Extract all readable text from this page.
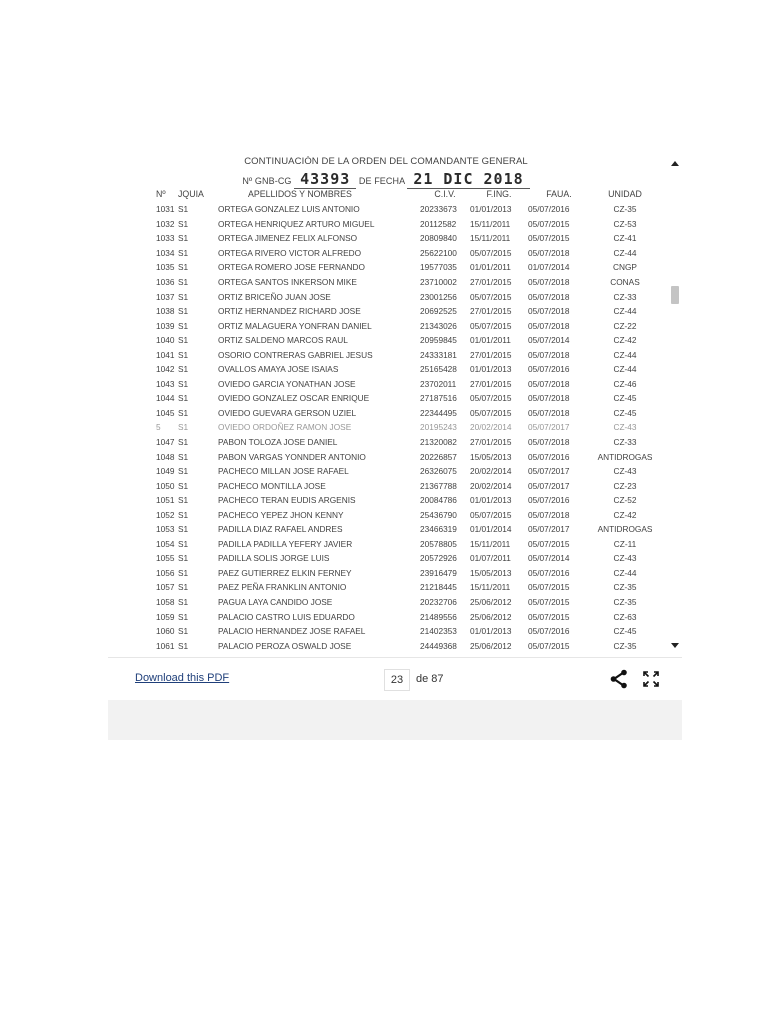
CONTINUACIÓN DE LA ORDEN DEL COMANDANTE GENERAL
Nº GNB-CG 43393 DE FECHA 21 DIC 2018
Nº	JQUIA	APELLIDOS Y NOMBRES	C.I.V.	F.ING.	FAUA.	UNIDAD
1031 S1	ORTEGA GONZALEZ LUIS ANTONIO	20233673	01/01/2013	05/07/2016	CZ-35
1032 S1	ORTEGA HENRIQUEZ ARTURO MIGUEL	20112582	15/11/2011	05/07/2015	CZ-53
1033 S1	ORTEGA JIMENEZ FELIX ALFONSO	20809840	15/11/2011	05/07/2015	CZ-41
1034 S1	ORTEGA RIVERO VICTOR ALFREDO	25622100	05/07/2015	05/07/2018	CZ-44
1035 S1	ORTEGA ROMERO JOSE FERNANDO	19577035	01/01/2011	01/07/2014	CNGP
1036 S1	ORTEGA SANTOS INKERSON MIKE	23710002	27/01/2015	05/07/2018	CONAS
1037 S1	ORTIZ BRICEÑO JUAN JOSE	23001256	05/07/2015	05/07/2018	CZ-33
1038 S1	ORTIZ HERNANDEZ RICHARD JOSE	20692525	27/01/2015	05/07/2018	CZ-44
1039 S1	ORTIZ MALAGUERA YONFRAN DANIEL	21343026	05/07/2015	05/07/2018	CZ-22
1040 S1	ORTIZ SALDENO MARCOS RAUL	20959845	01/01/2011	05/07/2014	CZ-42
1041 S1	OSORIO CONTRERAS GABRIEL JESUS	24333181	27/01/2015	05/07/2018	CZ-44
1042 S1	OVALLOS AMAYA JOSE ISAIAS	25165428	01/01/2013	05/07/2016	CZ-44
1043 S1	OVIEDO GARCIA YONATHAN JOSE	23702011	27/01/2015	05/07/2018	CZ-46
1044 S1	OVIEDO GONZALEZ OSCAR ENRIQUE	27187516	05/07/2015	05/07/2018	CZ-45
1045 S1	OVIEDO GUEVARA GERSON UZIEL	22344495	05/07/2015	05/07/2018	CZ-45
5	S1	OVIEDO ORDOÑEZ RAMON JOSE	20195243	20/02/2014	05/07/2017	CZ-43
1047 S1	PABON TOLOZA JOSE DANIEL	21320082	27/01/2015	05/07/2018	CZ-33
1048 S1	PABON VARGAS YONNDER ANTONIO	20226857	15/05/2013	05/07/2016	ANTIDROGAS
1049 S1	PACHECO MILLAN JOSE RAFAEL	26326075	20/02/2014	05/07/2017	CZ-43
1050 S1	PACHECO MONTILLA JOSE	21367788	20/02/2014	05/07/2017	CZ-23
1051 S1	PACHECO TERAN EUDIS ARGENIS	20084786	01/01/2013	05/07/2016	CZ-52
1052 S1	PACHECO YEPEZ JHON KENNY	25436790	05/07/2015	05/07/2018	CZ-42
1053 S1	PADILLA DIAZ RAFAEL ANDRES	23466319	01/01/2014	05/07/2017	ANTIDROGAS
1054 S1	PADILLA PADILLA YEFERY JAVIER	20578805	15/11/2011	05/07/2015	CZ-11
1055 S1	PADILLA SOLIS JORGE LUIS	20572926	01/07/2011	05/07/2014	CZ-43
1056 S1	PAEZ GUTIERREZ ELKIN FERNEY	23916479	15/05/2013	05/07/2016	CZ-44
1057 S1	PAEZ PEÑA FRANKLIN ANTONIO	21218445	15/11/2011	05/07/2015	CZ-35
1058 S1	PAGUA LAYA CANDIDO JOSE	20232706	25/06/2012	05/07/2015	CZ-35
1059 S1	PALACIO CASTRO LUIS EDUARDO	21489556	25/06/2012	05/07/2015	CZ-63
1060 S1	PALACIO HERNANDEZ JOSE RAFAEL	21402353	01/01/2013	05/07/2016	CZ-45
1061 S1	PALACIO PEROZA OSWALD JOSE	24449368	25/06/2012	05/07/2015	CZ-35
Download this PDF	23	de 87
